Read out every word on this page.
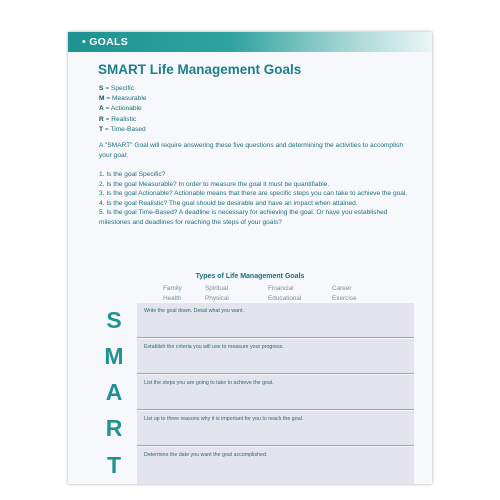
• GOALS
SMART Life Management Goals
S = Specific
M = Measurable
A = Actionable
R = Realistic
T = Time-Based

A "SMART" Goal will require answering these five questions and determining the activities to accomplish your goal:

1. Is the goal Specific?
2. Is the goal Measurable? In order to measure the goal it must be quantifiable.
3. Is the goal Actionable? Actionable means that there are specific steps you can take to achieve the goal.
4. Is the goal Realistic? The goal should be desirable and have an impact when attained.
5. Is the goal Time-Based? A deadline is necessary for achieving the goal. Or have you established milestones and deadlines for reaching the steps of your goals?

Types of Life Management Goals

Family	Spiritual	Financial	Career
Health	Physical	Educational	Exercise
S	Write the goal down. Detail what you want.
M	Establish the criteria you will use to measure your progress.
A	List the steps you are going to take to achieve the goal.
R	List up to three reasons why it is important for you to reach the goal.
T	Determine the date you want the goal accomplished.
